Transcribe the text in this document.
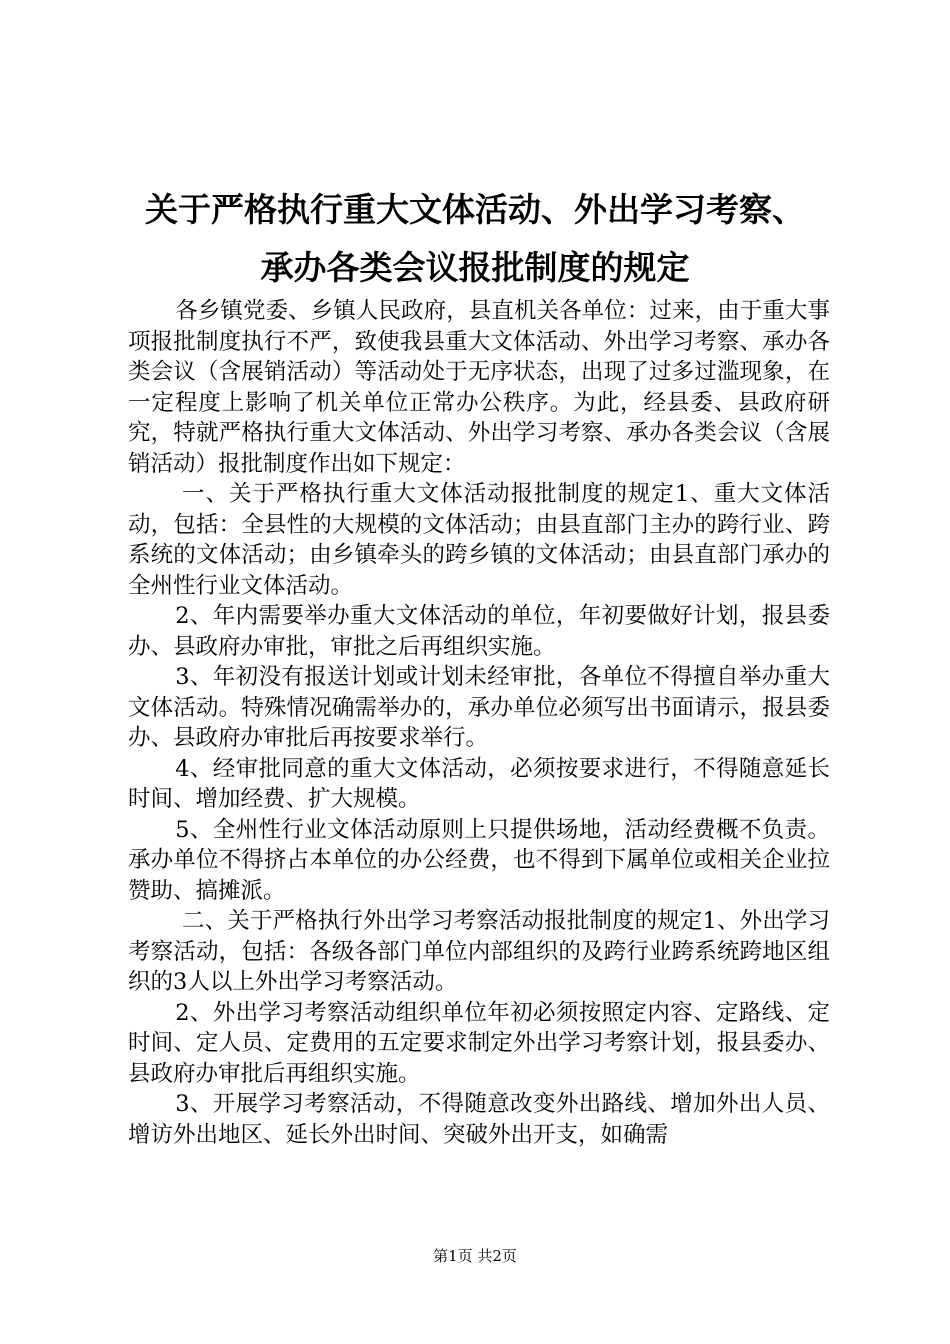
关于严格执行重大文体活动、外出学习考察、
承办各类会议报批制度的规定

各乡镇党委、乡镇人民政府，县直机关各单位：过来，由于重大事项报批制度执行不严，致使我县重大文体活动、外出学习考察、承办各类会议（含展销活动）等活动处于无序状态，出现了过多过滥现象，在一定程度上影响了机关单位正常办公秩序。为此，经县委、县政府研究，特就严格执行重大文体活动、外出学习考察、承办各类会议（含展销活动）报批制度作出如下规定：

一、关于严格执行重大文体活动报批制度的规定1、重大文体活动，包括：全县性的大规模的文体活动；由县直部门主办的跨行业、跨系统的文体活动；由乡镇牵头的跨乡镇的文体活动；由县直部门承办的全州性行业文体活动。

2、年内需要举办重大文体活动的单位，年初要做好计划，报县委办、县政府办审批，审批之后再组织实施。

3、年初没有报送计划或计划未经审批，各单位不得擅自举办重大文体活动。特殊情况确需举办的，承办单位必须写出书面请示，报县委办、县政府办审批后再按要求举行。

4、经审批同意的重大文体活动，必须按要求进行，不得随意延长时间、增加经费、扩大规模。

5、全州性行业文体活动原则上只提供场地，活动经费概不负责。承办单位不得挤占本单位的办公经费，也不得到下属单位或相关企业拉赞助、搞摊派。

二、关于严格执行外出学习考察活动报批制度的规定1、外出学习考察活动，包括：各级各部门单位内部组织的及跨行业跨系统跨地区组织的3人以上外出学习考察活动。

2、外出学习考察活动组织单位年初必须按照定内容、定路线、定时间、定人员、定费用的五定要求制定外出学习考察计划，报县委办、县政府办审批后再组织实施。

3、开展学习考察活动，不得随意改变外出路线、增加外出人员、增访外出地区、延长外出时间、突破外出开支，如确需

第1页 共2页
